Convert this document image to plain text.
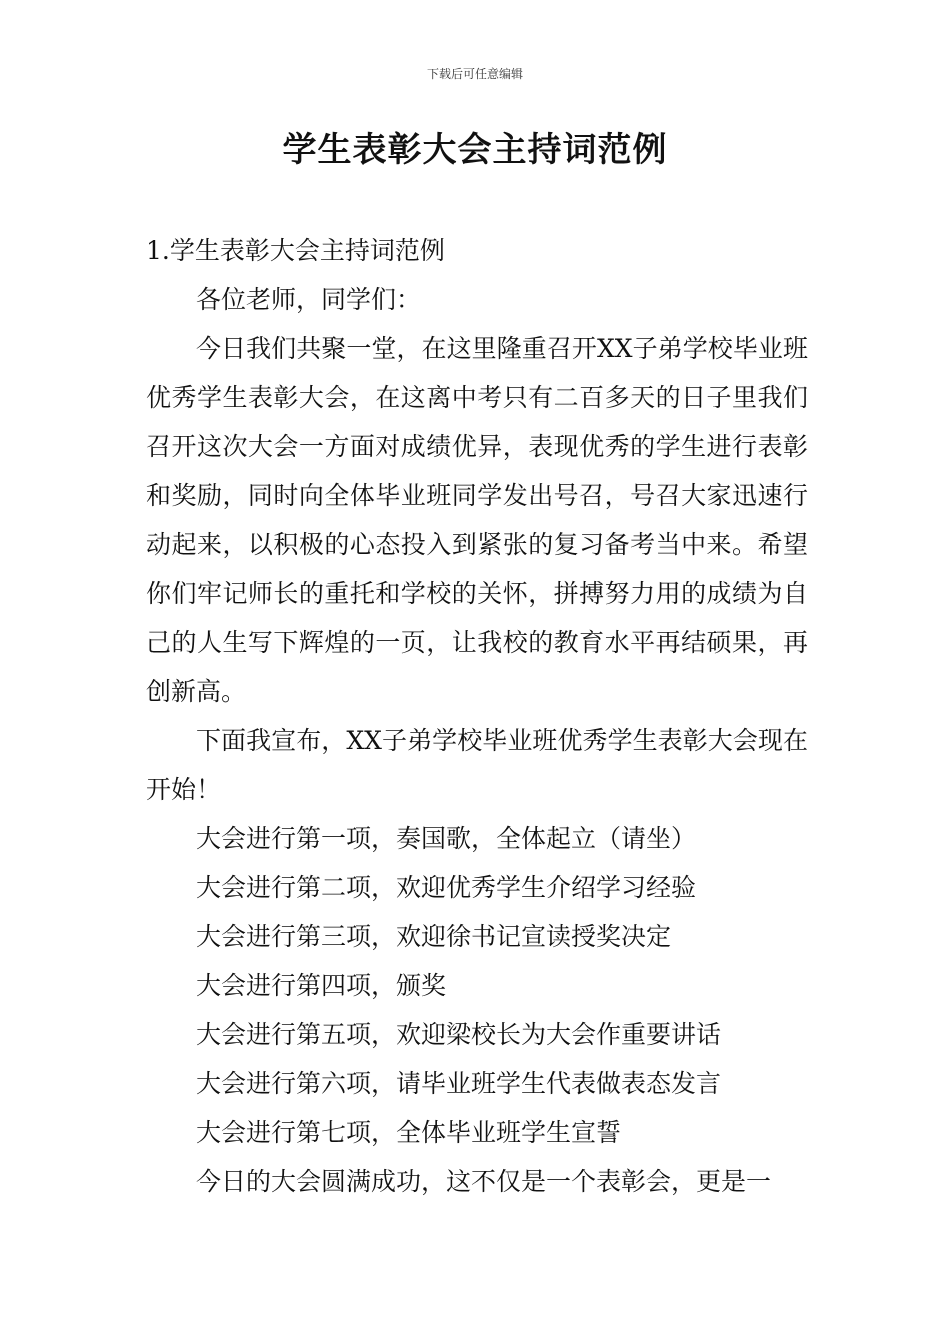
下载后可任意编辑
学生表彰大会主持词范例

1.学生表彰大会主持词范例

各位老师，同学们：

今日我们共聚一堂，在这里隆重召开XX子弟学校毕业班优秀学生表彰大会，在这离中考只有二百多天的日子里我们召开这次大会一方面对成绩优异，表现优秀的学生进行表彰和奖励，同时向全体毕业班同学发出号召，号召大家迅速行动起来，以积极的心态投入到紧张的复习备考当中来。希望你们牢记师长的重托和学校的关怀，拼搏努力用的成绩为自己的人生写下辉煌的一页，让我校的教育水平再结硕果，再创新高。

下面我宣布，XX子弟学校毕业班优秀学生表彰大会现在开始！

大会进行第一项，奏国歌，全体起立（请坐）

大会进行第二项，欢迎优秀学生介绍学习经验

大会进行第三项，欢迎徐书记宣读授奖决定

大会进行第四项，颁奖

大会进行第五项，欢迎梁校长为大会作重要讲话

大会进行第六项，请毕业班学生代表做表态发言

大会进行第七项，全体毕业班学生宣誓

今日的大会圆满成功，这不仅是一个表彰会，更是一
